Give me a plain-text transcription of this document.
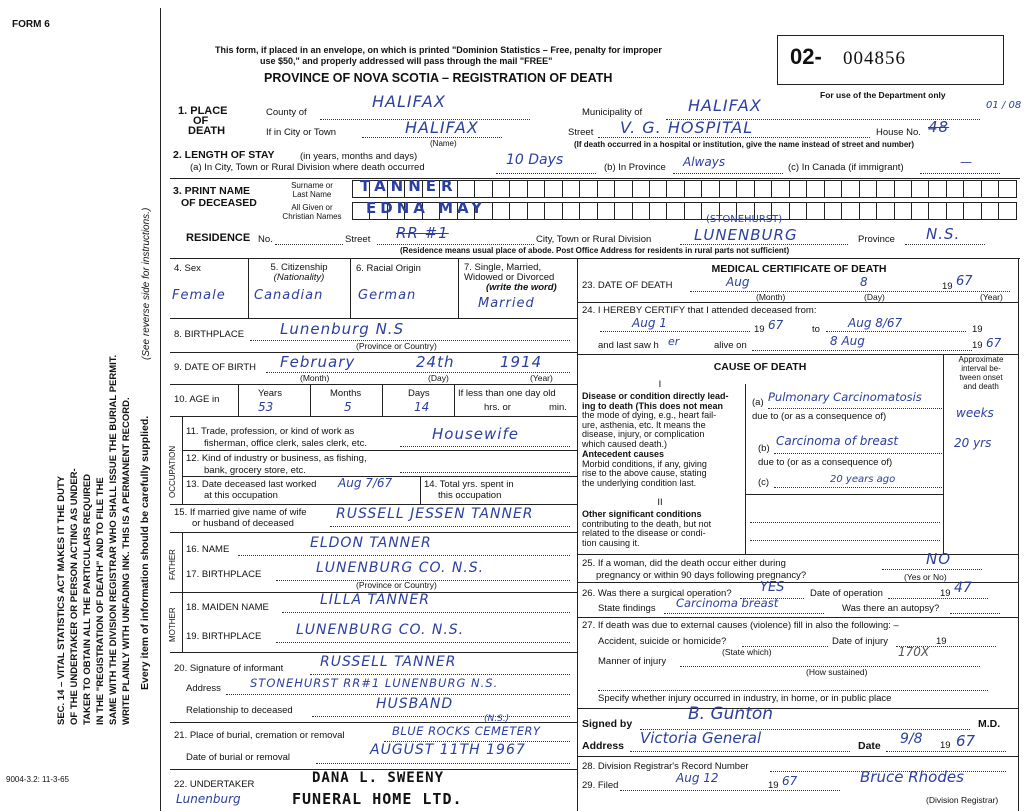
FORM 6
9004-3.2: 11-3-65
SEC. 14 – VITAL STATISTICS ACT MAKES IT THE DUTY OF THE UNDERTAKER OR PERSON ACTING AS UNDER- TAKER TO OBTAIN ALL THE PARTICULARS REQUIRED IN THE "REGISTRATION OF DEATH" AND TO FILE THE SAME WITH THE DIVISION REGISTRAR WHO SHALL ISSUE THE BURIAL PERMIT. WRITE PLAINLY WITH UNFADING INK. THIS IS A PERMANENT RECORD. Every item of information should be carefully supplied.
(See reverse side for instructions.)
This form, if placed in an envelope, on which is printed "Dominion Statistics – Free, penalty for improper
use $50," and properly addressed will pass through the mail "FREE"
PROVINCE OF NOVA SCOTIA – REGISTRATION OF DEATH
02- 004856
For use of the Department only
01 / 08
1. PLACE
OF
DEATH
County of
HALIFAX
Municipality of	HALIFAX
If in City or Town	HALIFAX
(Name)
Street V. G. HOSPITAL	House No. 48
(If death occurred in a hospital or institution, give the name instead of street and number)
2. LENGTH OF STAY	(in years, months and days)
(a) In City, Town or Rural Division where death occurred	10 Days	(b) In Province Always	(c) In Canada (if immigrant)	—
3. PRINT NAME
OF DECEASED
Surname or
Last Name	TANNER
All Given or
Christian Names	EDNA MAY
RESIDENCE No.	Street RR #1	City, Town or Rural Division
(STONEHURST)
LUNENBURG	Province N.S.
(Residence means usual place of abode. Post Office Address for residents in rural parts not sufficient)
4. Sex
Female
5. Citizenship
(Nationality)
Canadian
6. Racial Origin
German
7. Single, Married,
Widowed or Divorced
(write the word)
Married
8. BIRTHPLACE Lunenburg N.S
(Province or Country)
9. DATE OF BIRTH February	24th	1914
(Month)	(Day)	(Year)
10. AGE in
Years	Months	Days
53	5	14
If less than one day old
hrs. or	min.
OCCUPATION
11. Trade, profession, or kind of work as
fisherman, office clerk, sales clerk, etc.
Housewife
12. Kind of industry or business, as fishing,
bank, grocery store, etc.
13. Date deceased last worked
at this occupation
Aug 7/67	14. Total yrs. spent in
this occupation
15. If married give name of wife
or husband of deceased
RUSSELL JESSEN TANNER
FATHER 16. NAME	ELDON TANNER
17. BIRTHPLACE	LUNENBURG CO. N.S.
(Province or Country)
MOTHER 18. MAIDEN NAME	LILLA TANNER
19. BIRTHPLACE LUNENBURG CO. N.S.
20. Signature of informant	RUSSELL TANNER
Address	STONEHURST RR#1 LUNENBURG N.S.
Relationship to deceased	HUSBAND
21. Place of burial, cremation or removal	BLUE ROCKS CEMETERY
(N.S.)
Date of burial or removal	AUGUST 11TH 1967
22. UNDERTAKER	DANA L. SWEENY
FUNERAL HOME LTD.
Lunenburg
MEDICAL CERTIFICATE OF DEATH
23. DATE OF DEATH	Aug	8	19 67
(Month)	(Day)	(Year)
24. I HEREBY CERTIFY that I attended deceased from:
Aug 1	19 67	to Aug 8/67	19
and last saw h er	alive on	8 Aug	19 67
CAUSE OF DEATH
Approximate
interval be-
tween onset
and death
I
Disease or condition directly lead-
ing to death (This does not mean
the mode of dying, e.g., heart fail-
ure, asthenia, etc. It means the
disease, injury, or complication
which caused death.)
(a) Pulmonary Carcinomatosis
weeks
due to (or as a consequence of)
Antecedent causes
Morbid conditions, if any, giving
rise to the above cause, stating
the underlying condition last.
(b)
Carcinoma of breast	20 yrs
due to (or as a consequence of)
(c)	20 years ago
II
Other significant conditions
contributing to the death, but not
related to the disease or condi-
tion causing it.
25. If a woman, did the death occur either during
pregnancy or within 90 days following pregnancy?
NO
(Yes or No)
26. Was there a surgical operation? YES	Date of operation	19 47
State findings Carcinoma breast	Was there an autopsy?
27. If death was due to external causes (violence) fill in also the following: –
Accident, suicide or homicide?	Date of injury	19
(State which)
Manner of injury
170X
(How sustained)
Specify whether injury occurred in industry, in home, or in public place
Signed by	B. Gunton	M.D.
Address Victoria General	Date 9/8 19 67
28. Division Registrar's Record Number
29. Filed
Aug 12
19 67	Bruce Rhodes
(Division Registrar)
